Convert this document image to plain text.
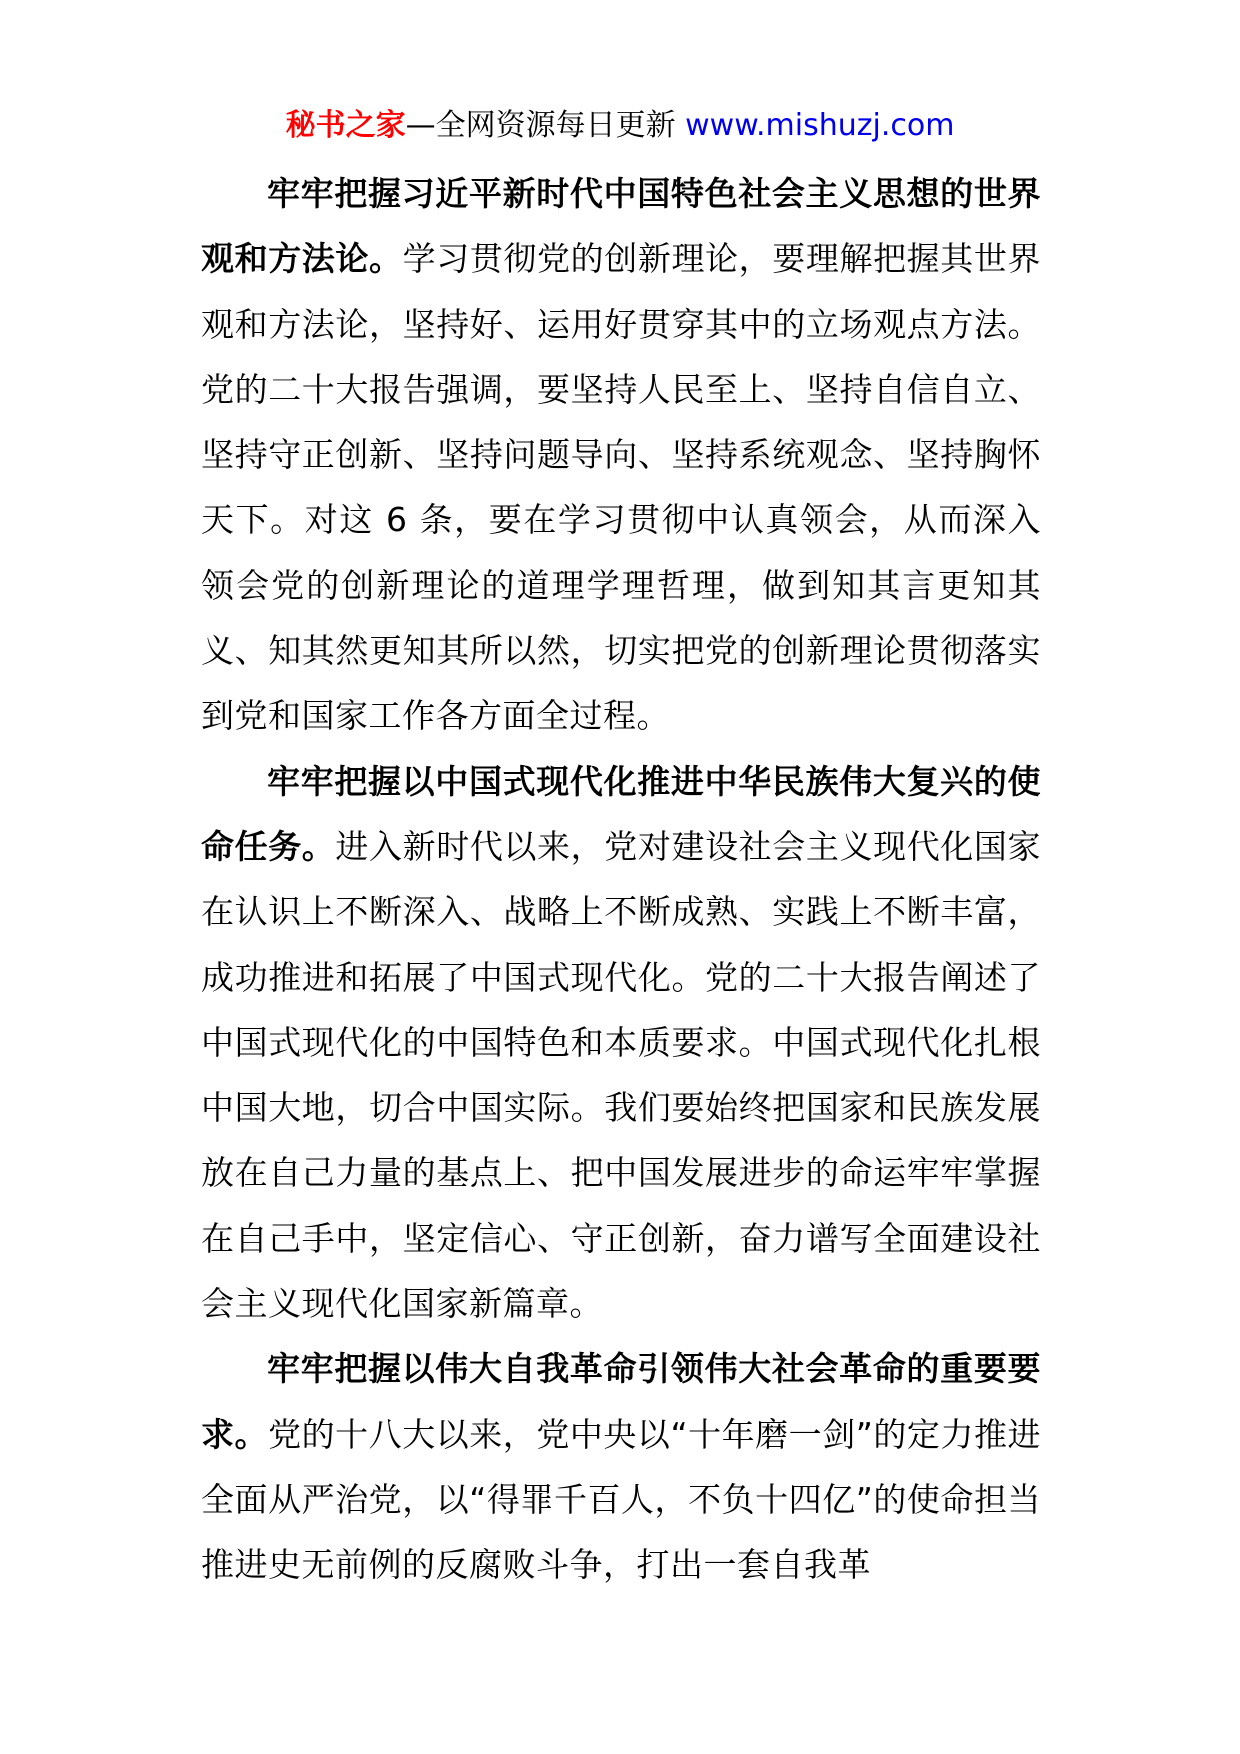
秘书之家—全网资源每日更新 www.mishuzj.com

牢牢把握习近平新时代中国特色社会主义思想的世界观和方法论。学习贯彻党的创新理论，要理解把握其世界观和方法论，坚持好、运用好贯穿其中的立场观点方法。党的二十大报告强调，要坚持人民至上、坚持自信自立、坚持守正创新、坚持问题导向、坚持系统观念、坚持胸怀天下。对这 6 条，要在学习贯彻中认真领会，从而深入领会党的创新理论的道理学理哲理，做到知其言更知其义、知其然更知其所以然，切实把党的创新理论贯彻落实到党和国家工作各方面全过程。

牢牢把握以中国式现代化推进中华民族伟大复兴的使命任务。进入新时代以来，党对建设社会主义现代化国家在认识上不断深入、战略上不断成熟、实践上不断丰富，成功推进和拓展了中国式现代化。党的二十大报告阐述了中国式现代化的中国特色和本质要求。中国式现代化扎根中国大地，切合中国实际。我们要始终把国家和民族发展放在自己力量的基点上、把中国发展进步的命运牢牢掌握在自己手中，坚定信心、守正创新，奋力谱写全面建设社会主义现代化国家新篇章。

牢牢把握以伟大自我革命引领伟大社会革命的重要要求。党的十八大以来，党中央以“十年磨一剑”的定力推进全面从严治党，以“得罪千百人，不负十四亿”的使命担当推进史无前例的反腐败斗争，打出一套自我革
